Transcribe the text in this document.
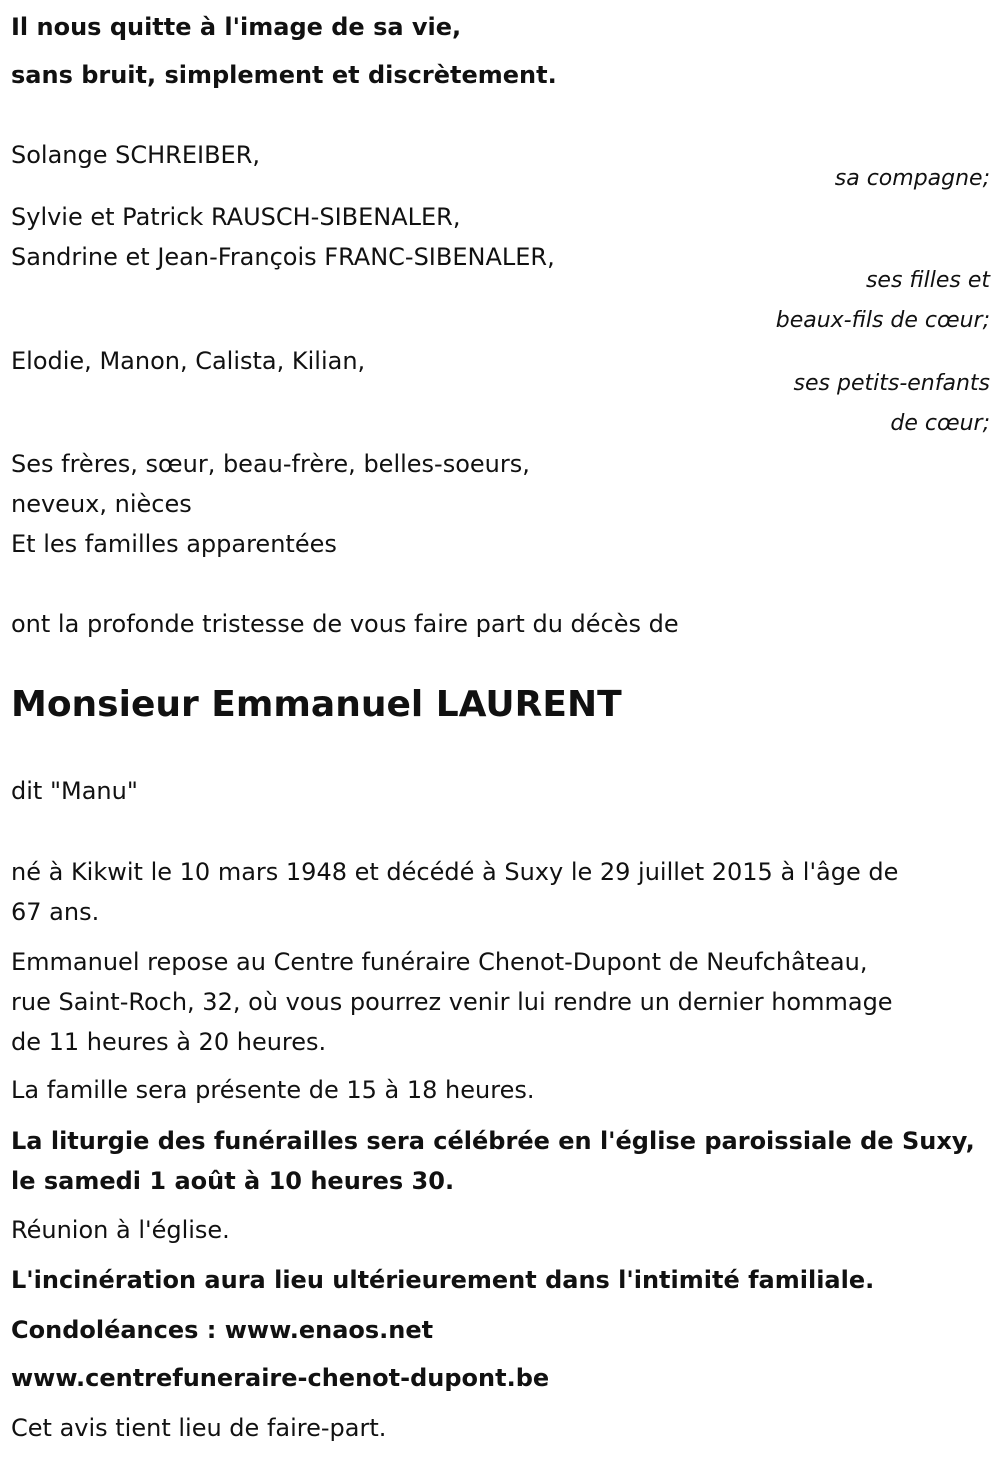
Il nous quitte à l'image de sa vie,
sans bruit, simplement et discrètement.
Solange SCHREIBER,
sa compagne;
Sylvie et Patrick RAUSCH-SIBENALER,
Sandrine et Jean-François FRANC-SIBENALER,
ses filles et
beaux-fils de cœur;
Elodie, Manon, Calista, Kilian,
ses petits-enfants
de cœur;
Ses frères, sœur, beau-frère, belles-soeurs,
neveux, nièces
Et les familles apparentées
ont la profonde tristesse de vous faire part du décès de
Monsieur Emmanuel LAURENT
dit "Manu"
né à Kikwit le 10 mars 1948 et décédé à Suxy le 29 juillet 2015 à l'âge de
67 ans.
Emmanuel repose au Centre funéraire Chenot-Dupont de Neufchâteau,
rue Saint-Roch, 32, où vous pourrez venir lui rendre un dernier hommage
de 11 heures à 20 heures.
La famille sera présente de 15 à 18 heures.
La liturgie des funérailles sera célébrée en l'église paroissiale de Suxy,
le samedi 1 août à 10 heures 30.
Réunion à l'église.
L'incinération aura lieu ultérieurement dans l'intimité familiale.
Condoléances : www.enaos.net
www.centrefuneraire-chenot-dupont.be
Cet avis tient lieu de faire-part.
